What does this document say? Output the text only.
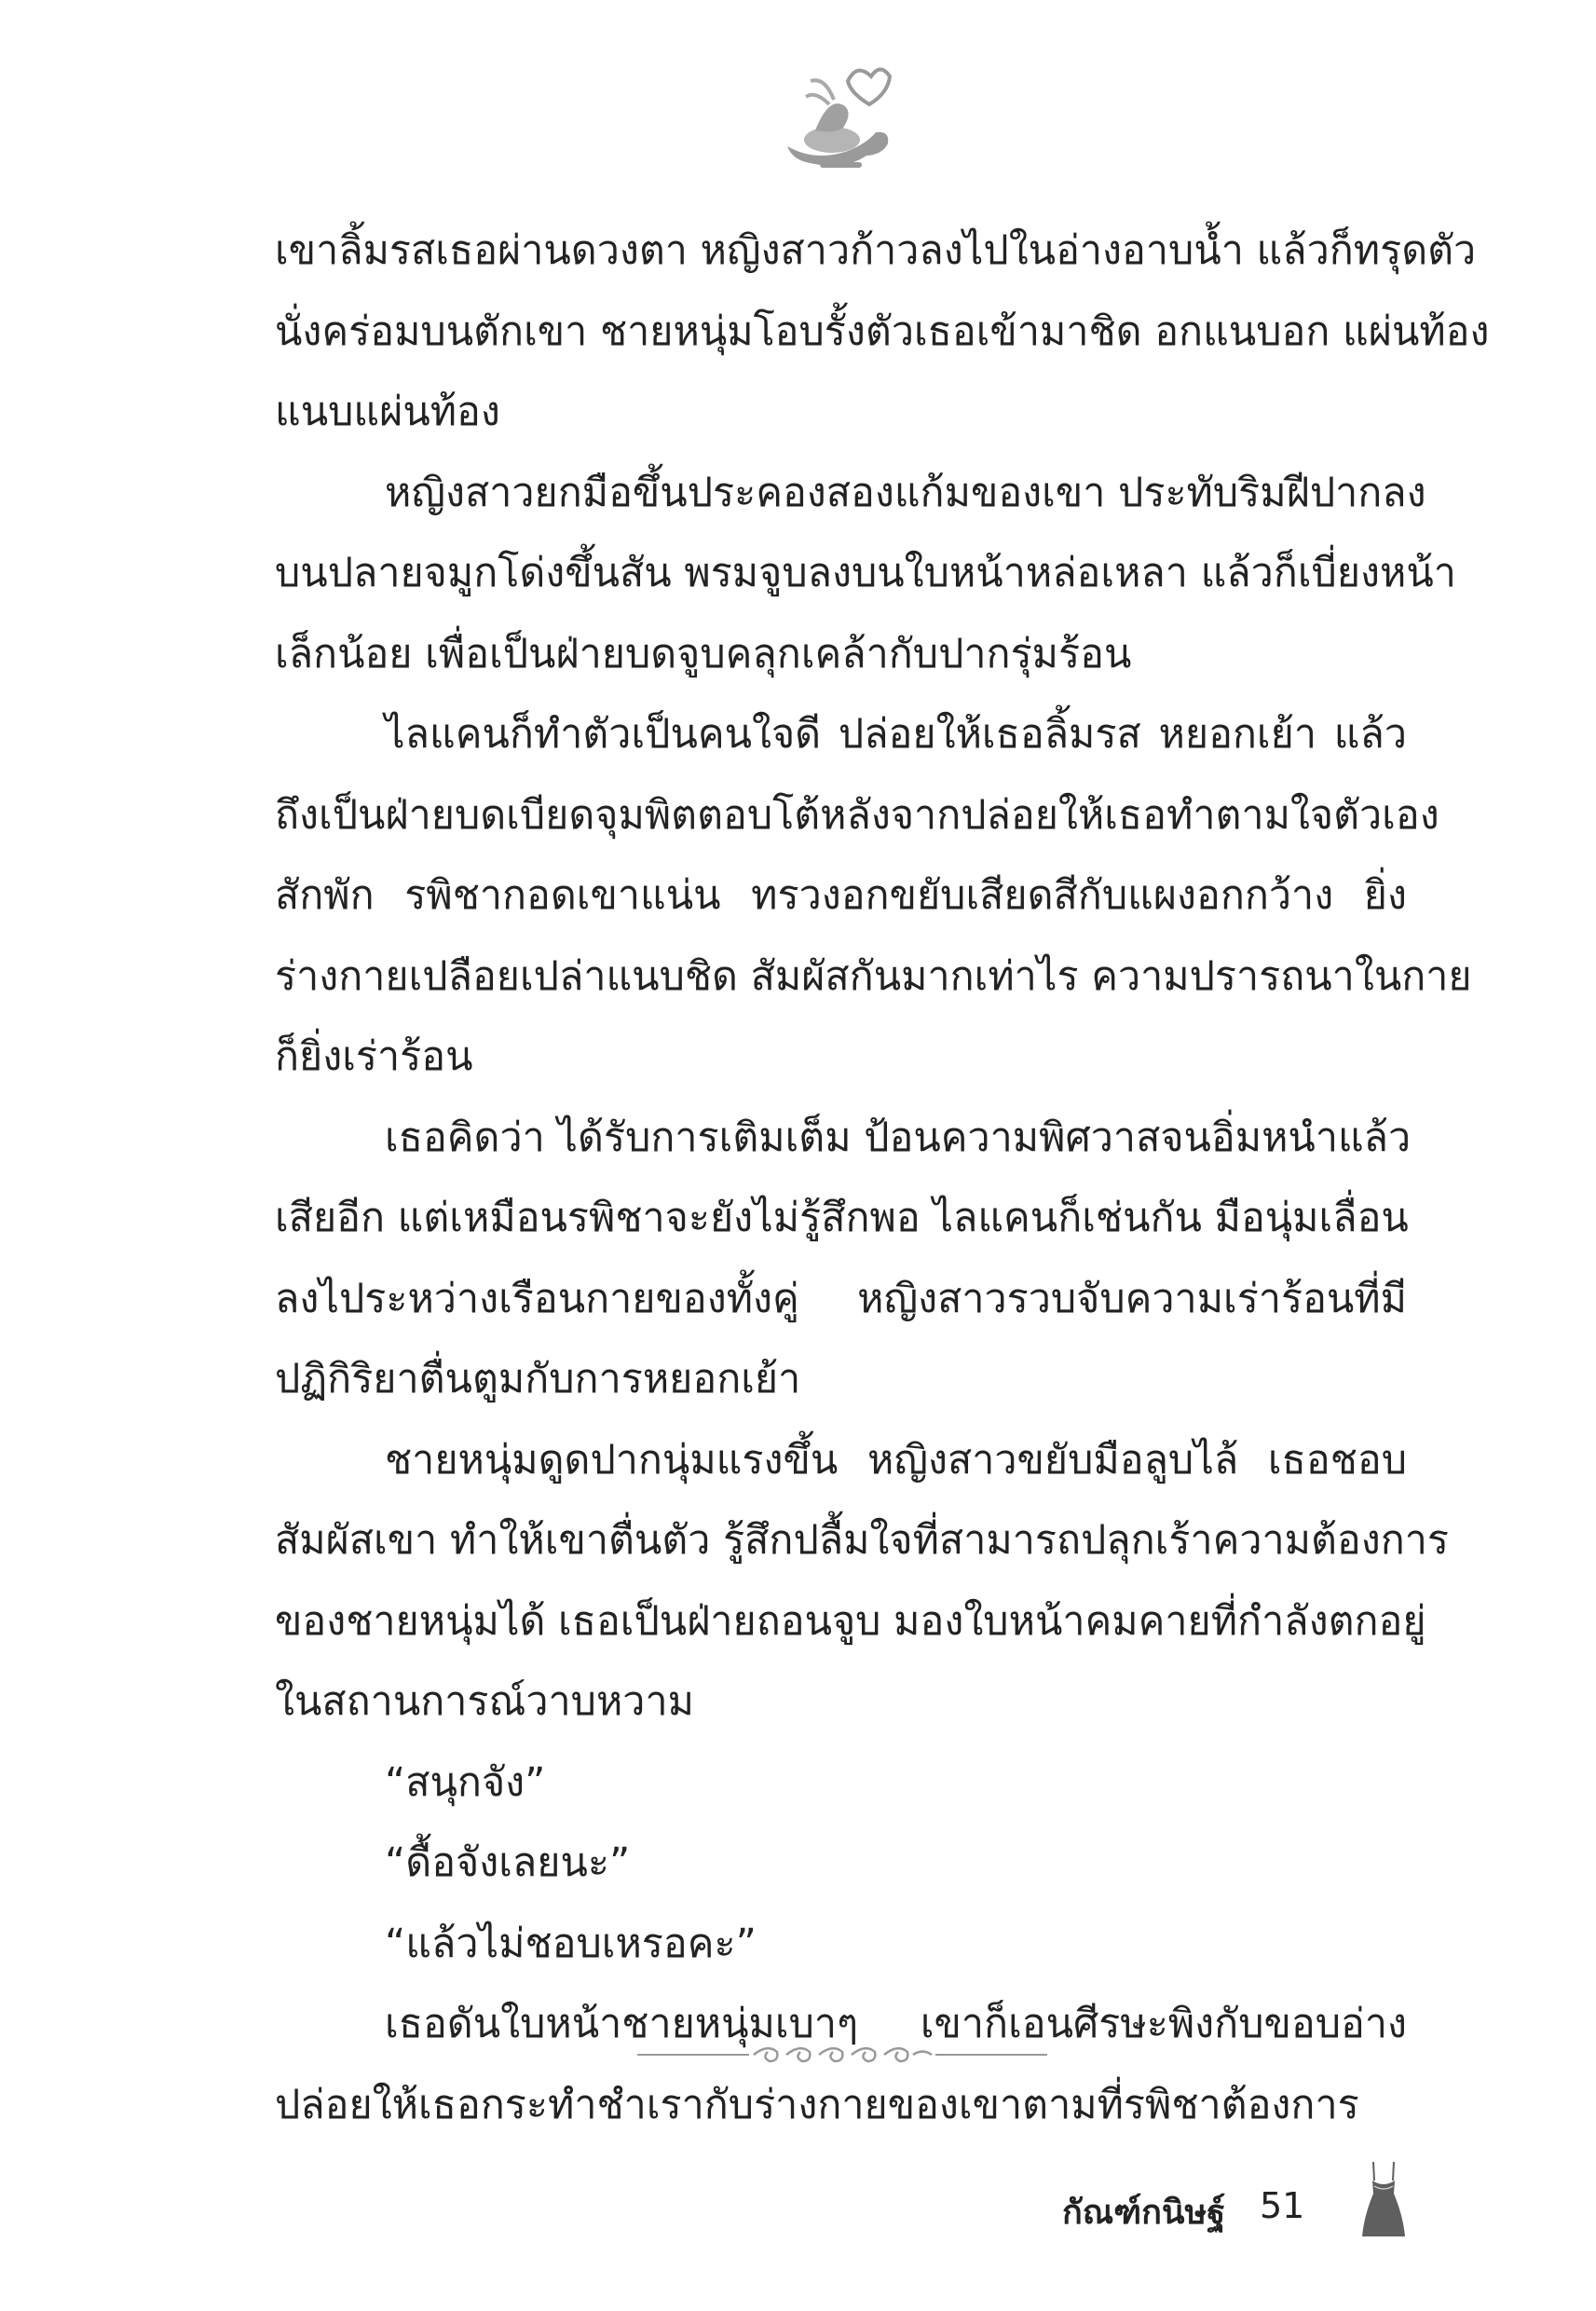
เขาลิ้มรสเธอผ่านดวงตา หญิงสาวก้าวลงไปในอ่างอาบน้ำ แล้วก็ทรุดตัว
นั่งคร่อมบนตักเขา ชายหนุ่มโอบรั้งตัวเธอเข้ามาชิด อกแนบอก แผ่นท้อง
แนบแผ่นท้อง
หญิงสาวยกมือขึ้นประคองสองแก้มของเขา ประทับริมฝีปากลง
บนปลายจมูกโด่งขึ้นสัน พรมจูบลงบนใบหน้าหล่อเหลา แล้วก็เบี่ยงหน้า
เล็กน้อย เพื่อเป็นฝ่ายบดจูบคลุกเคล้ากับปากรุ่มร้อน
ไลแคนก็ทำตัวเป็นคนใจดี ปล่อยให้เธอลิ้มรส หยอกเย้า แล้ว
ถึงเป็นฝ่ายบดเบียดจุมพิตตอบโต้หลังจากปล่อยให้เธอทำตามใจตัวเอง
สักพัก รพิชากอดเขาแน่น ทรวงอกขยับเสียดสีกับแผงอกกว้าง ยิ่ง
ร่างกายเปลือยเปล่าแนบชิด สัมผัสกันมากเท่าไร ความปรารถนาในกาย
ก็ยิ่งเร่าร้อน
เธอคิดว่า ได้รับการเติมเต็ม ป้อนความพิศวาสจนอิ่มหนำแล้ว
เสียอีก แต่เหมือนรพิชาจะยังไม่รู้สึกพอ ไลแคนก็เช่นกัน มือนุ่มเลื่อน
ลงไประหว่างเรือนกายของทั้งคู่ หญิงสาวรวบจับความเร่าร้อนที่มี
ปฏิกิริยาตื่นตูมกับการหยอกเย้า
ชายหนุ่มดูดปากนุ่มแรงขึ้น หญิงสาวขยับมือลูบไล้ เธอชอบ
สัมผัสเขา ทำให้เขาตื่นตัว รู้สึกปลื้มใจที่สามารถปลุกเร้าความต้องการ
ของชายหนุ่มได้ เธอเป็นฝ่ายถอนจูบ มองใบหน้าคมคายที่กำลังตกอยู่
ในสถานการณ์วาบหวาม
“สนุกจัง”
“ดื้อจังเลยนะ”
“แล้วไม่ชอบเหรอคะ”
เธอดันใบหน้าชายหนุ่มเบาๆ เขาก็เอนศีรษะพิงกับขอบอ่าง
ปล่อยให้เธอกระทำชำเรากับร่างกายของเขาตามที่รพิชาต้องการ
กัณฑ์กนิษฐ์ 51
